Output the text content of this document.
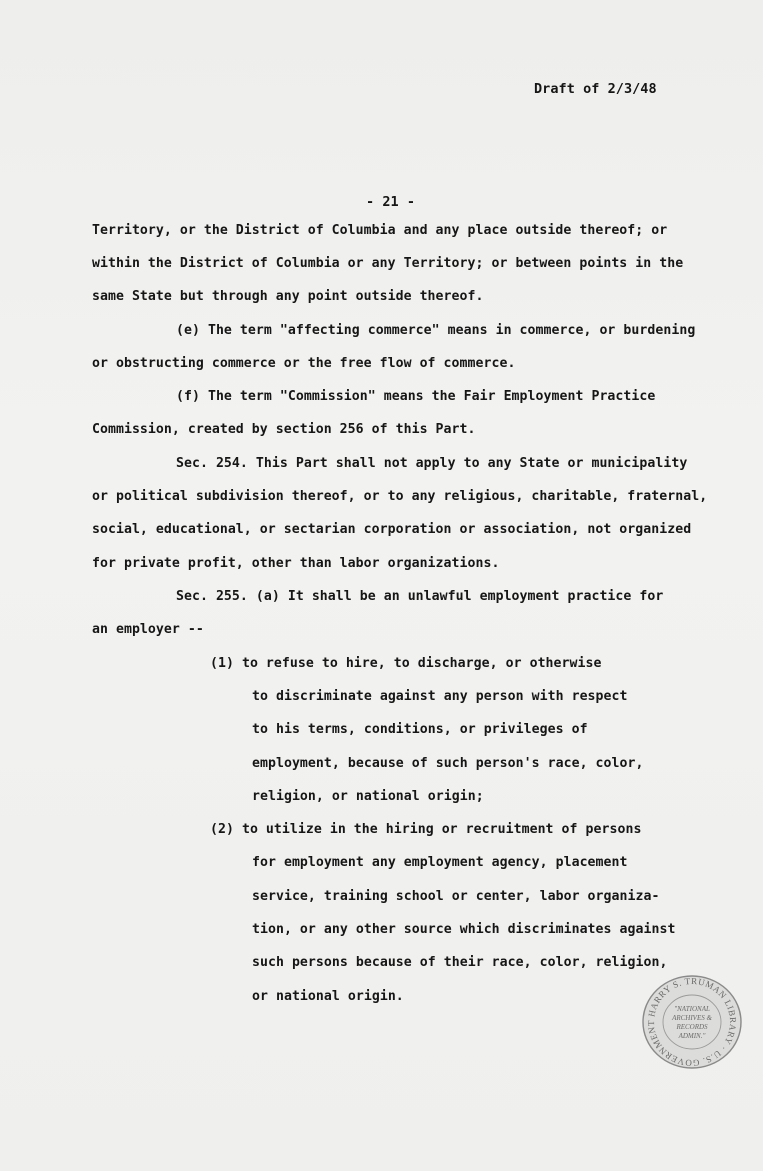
Draft of 2/3/48
- 21 -
Territory, or the District of Columbia and any place outside thereof; or
within the District of Columbia or any Territory; or between points in the
same State but through any point outside thereof.
(e) The term "affecting commerce" means in commerce, or burdening
or obstructing commerce or the free flow of commerce.
(f) The term "Commission" means the Fair Employment Practice
Commission, created by section 256 of this Part.
Sec. 254. This Part shall not apply to any State or municipality
or political subdivision thereof, or to any religious, charitable, fraternal,
social, educational, or sectarian corporation or association, not organized
for private profit, other than labor organizations.
Sec. 255. (a) It shall be an unlawful employment practice for
an employer --
(1) to refuse to hire, to discharge, or otherwise
to discriminate against any person with respect
to his terms, conditions, or privileges of
employment, because of such person's race, color,
religion, or national origin;
(2) to utilize in the hiring or recruitment of persons
for employment any employment agency, placement
service, training school or center, labor organiza-
tion, or any other source which discriminates against
such persons because of their race, color, religion,
or national origin.
HARRY S. TRUMAN LIBRARY · U.S. GOVERNMENT
"NATIONAL
ARCHIVES &
RECORDS
ADMIN."
